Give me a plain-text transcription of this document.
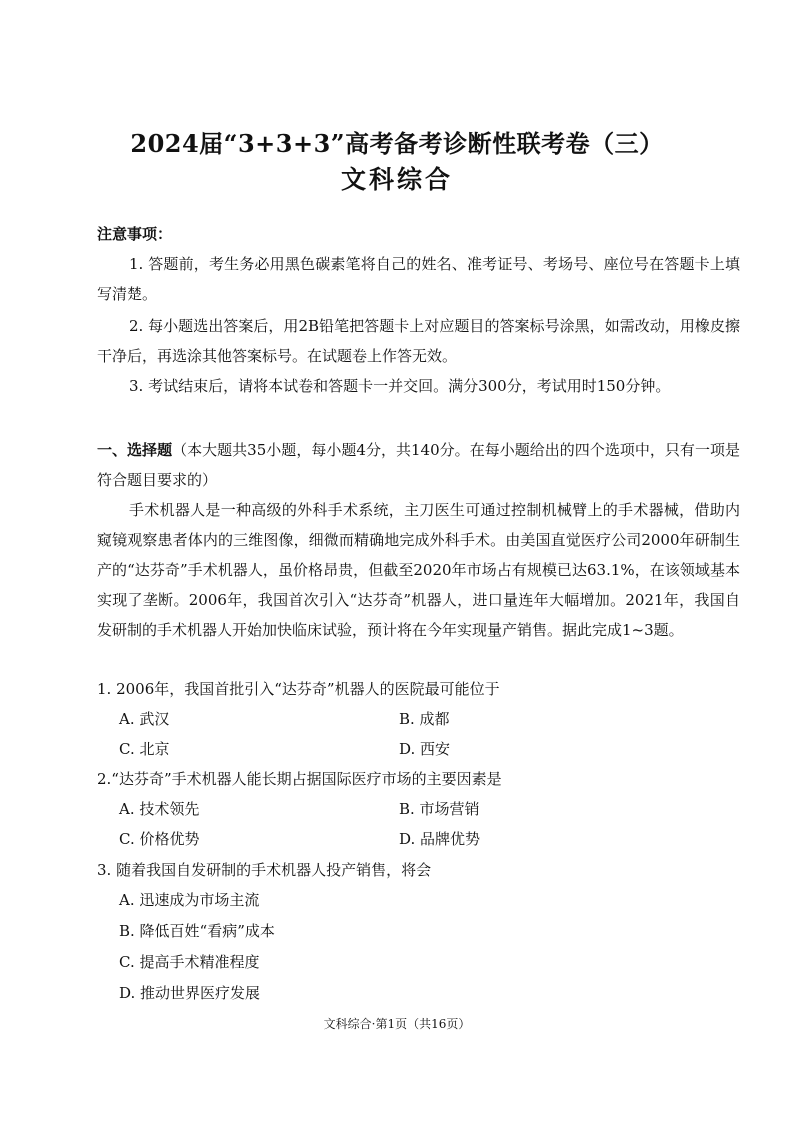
2024届“3+3+3”高考备考诊断性联考卷（三）
文科综合
注意事项：
1. 答题前，考生务必用黑色碳素笔将自己的姓名、准考证号、考场号、座位号在答题卡上填写清楚。
2. 每小题选出答案后，用2B铅笔把答题卡上对应题目的答案标号涂黑，如需改动，用橡皮擦干净后，再选涂其他答案标号。在试题卷上作答无效。
3. 考试结束后，请将本试卷和答题卡一并交回。满分300分，考试用时150分钟。
一、选择题（本大题共35小题，每小题4分，共140分。在每小题给出的四个选项中，只有一项是符合题目要求的）
手术机器人是一种高级的外科手术系统，主刀医生可通过控制机械臂上的手术器械，借助内窥镜观察患者体内的三维图像，细微而精确地完成外科手术。由美国直觉医疗公司2000年研制生产的“达芬奇”手术机器人，虽价格昂贵，但截至2020年市场占有规模已达63.1%，在该领域基本实现了垄断。2006年，我国首次引入“达芬奇”机器人，进口量连年大幅增加。2021年，我国自发研制的手术机器人开始加快临床试验，预计将在今年实现量产销售。据此完成1~3题。
1. 2006年，我国首批引入“达芬奇”机器人的医院最可能位于
A. 武汉	B. 成都
C. 北京	D. 西安
2.“达芬奇”手术机器人能长期占据国际医疗市场的主要因素是
A. 技术领先	B. 市场营销
C. 价格优势	D. 品牌优势
3. 随着我国自发研制的手术机器人投产销售，将会
A. 迅速成为市场主流
B. 降低百姓“看病”成本
C. 提高手术精准程度
D. 推动世界医疗发展
文科综合·第1页（共16页）
